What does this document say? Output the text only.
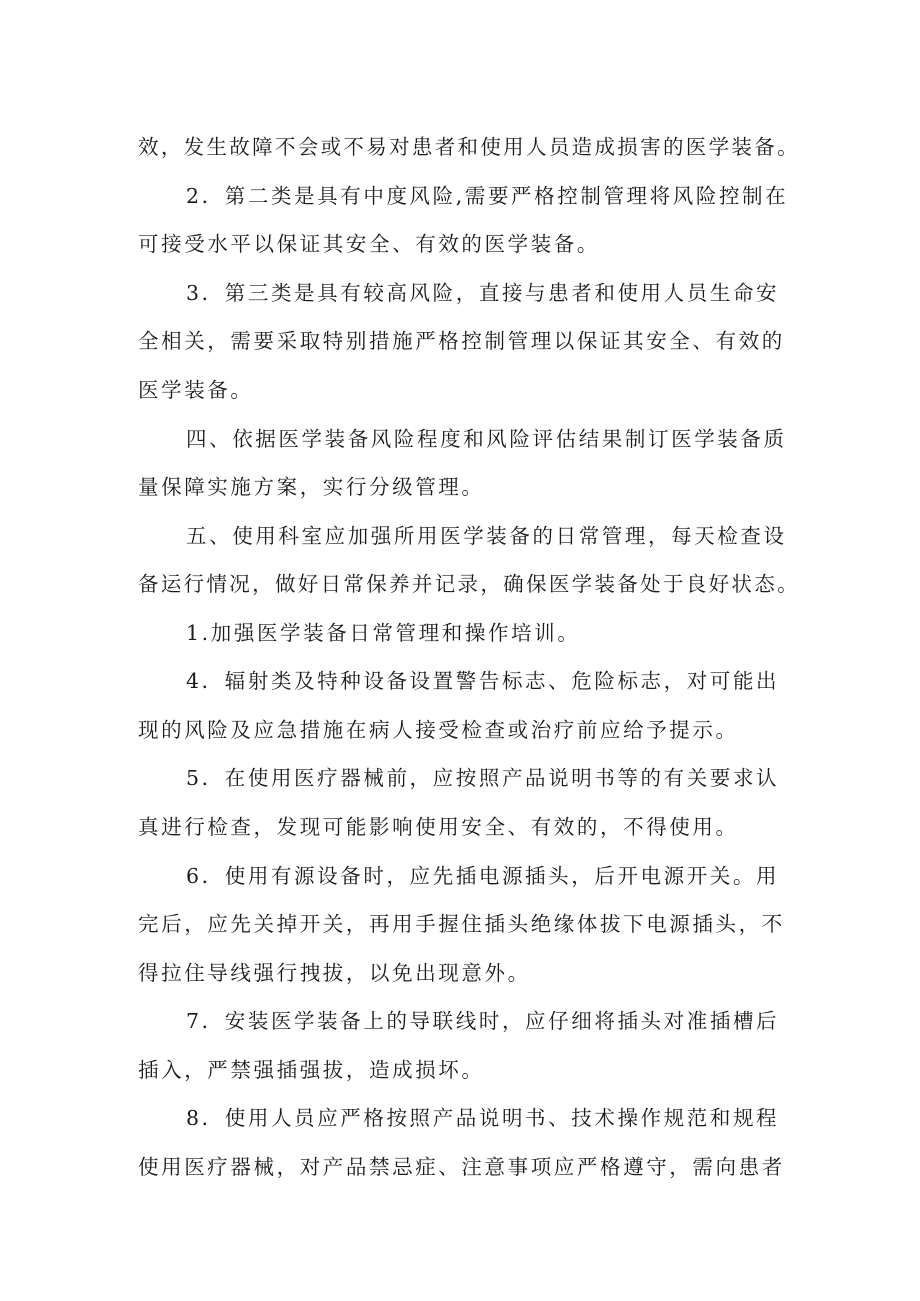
效，发生故障不会或不易对患者和使用人员造成损害的医学装备。
2．第二类是具有中度风险,需要严格控制管理将风险控制在
可接受水平以保证其安全、有效的医学装备。
3．第三类是具有较高风险，直接与患者和使用人员生命安
全相关，需要采取特别措施严格控制管理以保证其安全、有效的
医学装备。
四、依据医学装备风险程度和风险评估结果制订医学装备质
量保障实施方案，实行分级管理。
五、使用科室应加强所用医学装备的日常管理，每天检查设
备运行情况，做好日常保养并记录，确保医学装备处于良好状态。
1.加强医学装备日常管理和操作培训。
4．辐射类及特种设备设置警告标志、危险标志，对可能出
现的风险及应急措施在病人接受检查或治疗前应给予提示。
5．在使用医疗器械前，应按照产品说明书等的有关要求认
真进行检查，发现可能影响使用安全、有效的，不得使用。
6．使用有源设备时，应先插电源插头，后开电源开关。用
完后，应先关掉开关，再用手握住插头绝缘体拔下电源插头，不
得拉住导线强行拽拔，以免出现意外。
7．安装医学装备上的导联线时，应仔细将插头对准插槽后
插入，严禁强插强拔，造成损坏。
8．使用人员应严格按照产品说明书、技术操作规范和规程
使用医疗器械，对产品禁忌症、注意事项应严格遵守，需向患者
